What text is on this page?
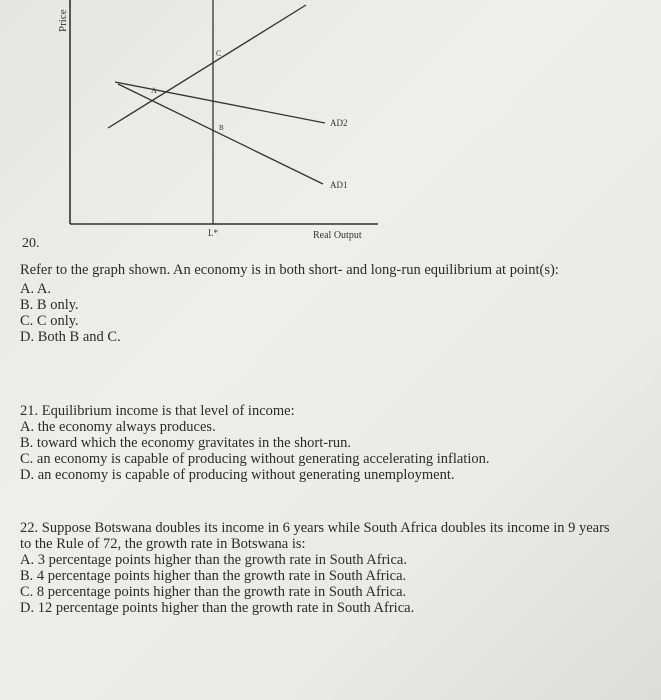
Price
Real Output
L*
AD2
AD1
A
B
C
20.

Refer to the graph shown. An economy is in both short- and long-run equilibrium at point(s):

A. A.

B. B only.

C. C only.

D. Both B and C.

21. Equilibrium income is that level of income:

A. the economy always produces.

B. toward which the economy gravitates in the short-run.

C. an economy is capable of producing without generating accelerating inflation.

D. an economy is capable of producing without generating unemployment.

22. Suppose Botswana doubles its income in 6 years while South Africa doubles its income in 9 years

to the Rule of 72, the growth rate in Botswana is:

A. 3 percentage points higher than the growth rate in South Africa.

B. 4 percentage points higher than the growth rate in South Africa.

C. 8 percentage points higher than the growth rate in South Africa.

D. 12 percentage points higher than the growth rate in South Africa.
